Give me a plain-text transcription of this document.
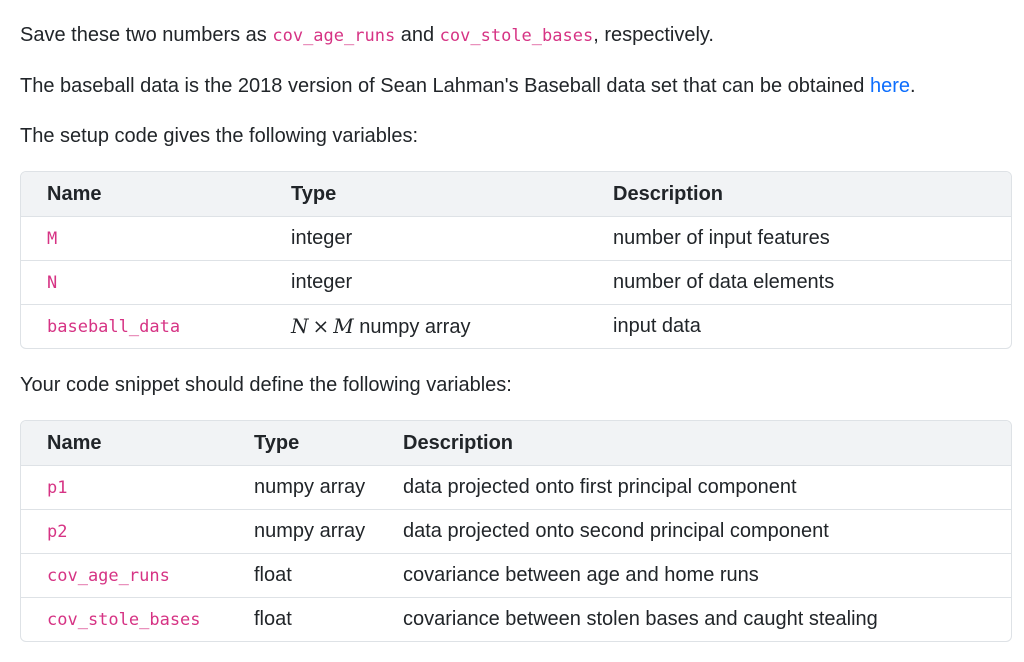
Save these two numbers as cov_age_runs and cov_stole_bases, respectively.

The baseball data is the 2018 version of Sean Lahman's Baseball data set that can be obtained here.

The setup code gives the following variables:

Name	Type	Description
M	integer	number of input features
N	integer	number of data elements
baseball_data	N × M numpy array	input data

Your code snippet should define the following variables:

Name	Type	Description
p1	numpy array	data projected onto first principal component
p2	numpy array	data projected onto second principal component
cov_age_runs	float	covariance between age and home runs
cov_stole_bases	float	covariance between stolen bases and caught stealing
